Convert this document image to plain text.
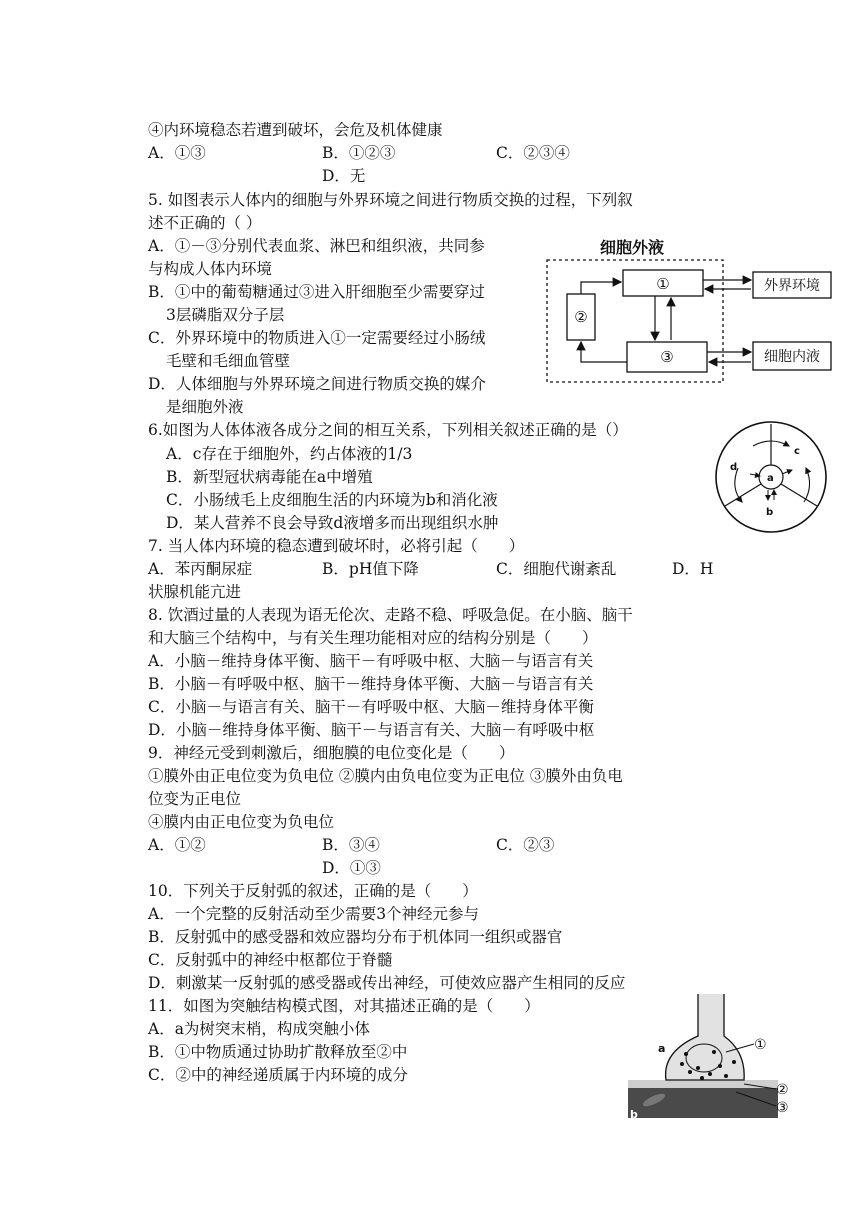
④内环境稳态若遭到破坏，会危及机体健康
A．①③	B．①②③	C．②③④
D．无
5. 如图表示人体内的细胞与外界环境之间进行物质交换的过程，下列叙
述不正确的（ ）
A．①－③分别代表血浆、淋巴和组织液，共同参
与构成人体内环境
B．①中的葡萄糖通过③进入肝细胞至少需要穿过
3层磷脂双分子层
C．外界环境中的物质进入①一定需要经过小肠绒
毛壁和毛细血管壁
D．人体细胞与外界环境之间进行物质交换的媒介
是细胞外液
6.如图为人体体液各成分之间的相互关系，下列相关叙述正确的是（）
A．c存在于细胞外，约占体液的1/3
B．新型冠状病毒能在a中增殖
C．小肠绒毛上皮细胞生活的内环境为b和消化液
D．某人营养不良会导致d液增多而出现组织水肿
7. 当人体内环境的稳态遭到破坏时，必将引起（　　）
A．苯丙酮尿症	B．pH值下降	C．细胞代谢紊乱	D．H
状腺机能亢进
8. 饮酒过量的人表现为语无伦次、走路不稳、呼吸急促。在小脑、脑干
和大脑三个结构中，与有关生理功能相对应的结构分别是（　　）
A．小脑－维持身体平衡、脑干－有呼吸中枢、大脑－与语言有关
B．小脑－有呼吸中枢、脑干－维持身体平衡、大脑－与语言有关
C．小脑－与语言有关、脑干－有呼吸中枢、大脑－维持身体平衡
D．小脑－维持身体平衡、脑干－与语言有关、大脑－有呼吸中枢
9．神经元受到刺激后，细胞膜的电位变化是（　　）
①膜外由正电位变为负电位 ②膜内由负电位变为正电位 ③膜外由负电
位变为正电位
④膜内由正电位变为负电位
A．①②	B．③④	C．②③
D．①③
10．下列关于反射弧的叙述，正确的是（　　）
A．一个完整的反射活动至少需要3个神经元参与
B．反射弧中的感受器和效应器均分布于机体同一组织或器官
C．反射弧中的神经中枢都位于脊髓
D．刺激某一反射弧的感受器或传出神经，可使效应器产生相同的反应
11．如图为突触结构模式图，对其描述正确的是（　　）
A．a为树突末梢，构成突触小体
B．①中物质通过协助扩散释放至②中
C．②中的神经递质属于内环境的成分
细胞外液
①
②
③
外界环境
细胞内液
a
b
c
d
a
b
①
②
③
